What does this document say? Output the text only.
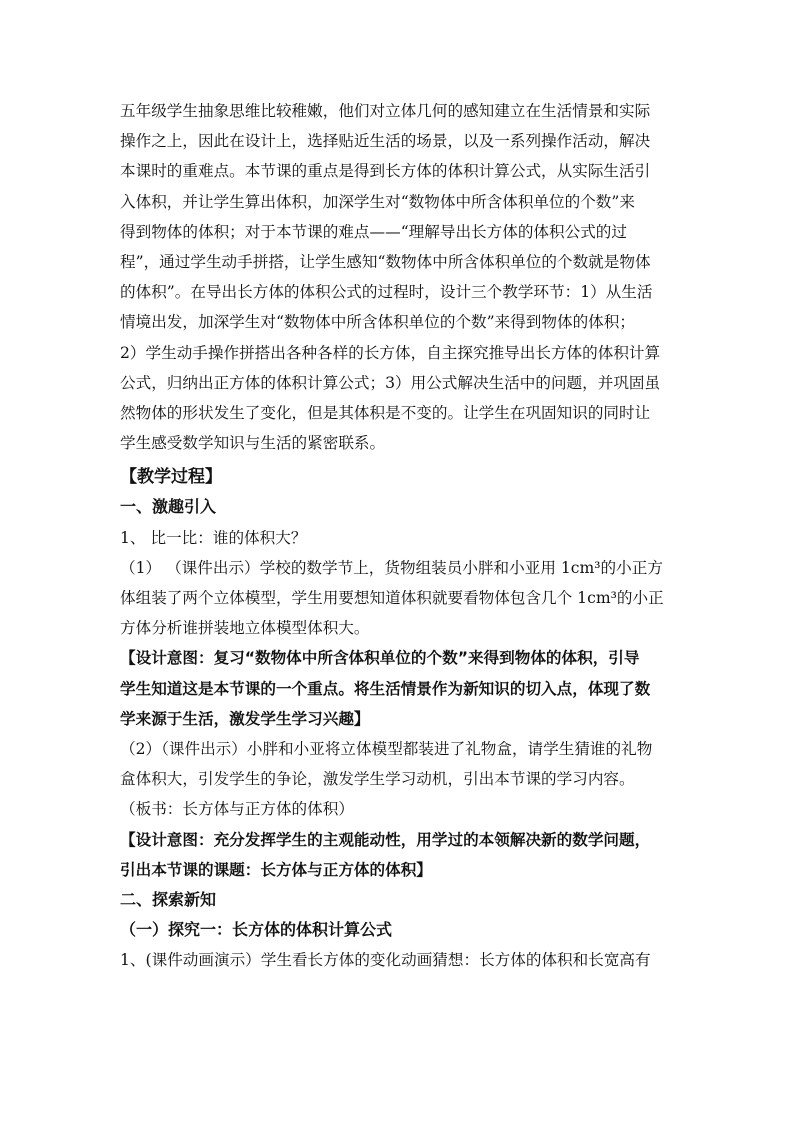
五年级学生抽象思维比较稚嫩，他们对立体几何的感知建立在生活情景和实际
操作之上，因此在设计上，选择贴近生活的场景，以及一系列操作活动，解决
本课时的重难点。本节课的重点是得到长方体的体积计算公式，从实际生活引
入体积，并让学生算出体积，加深学生对“数物体中所含体积单位的个数”来
得到物体的体积；对于本节课的难点——“理解导出长方体的体积公式的过
程”，通过学生动手拼搭，让学生感知“数物体中所含体积单位的个数就是物体
的体积”。在导出长方体的体积公式的过程时，设计三个教学环节：1）从生活
情境出发，加深学生对“数物体中所含体积单位的个数”来得到物体的体积；
2）学生动手操作拼搭出各种各样的长方体，自主探究推导出长方体的体积计算
公式，归纳出正方体的体积计算公式；3）用公式解决生活中的问题，并巩固虽
然物体的形状发生了变化，但是其体积是不变的。让学生在巩固知识的同时让
学生感受数学知识与生活的紧密联系。
【教学过程】
一、激趣引入
1、 比一比：谁的体积大？
（1） （课件出示）学校的数学节上，货物组装员小胖和小亚用 1cm³的小正方
体组装了两个立体模型，学生用要想知道体积就要看物体包含几个 1cm³的小正
方体分析谁拼装地立体模型体积大。
【设计意图：复习“数物体中所含体积单位的个数”来得到物体的体积，引导
学生知道这是本节课的一个重点。将生活情景作为新知识的切入点，体现了数
学来源于生活，激发学生学习兴趣】
（2）（课件出示）小胖和小亚将立体模型都装进了礼物盒，请学生猜谁的礼物
盒体积大，引发学生的争论，激发学生学习动机，引出本节课的学习内容。
（板书：长方体与正方体的体积）
【设计意图：充分发挥学生的主观能动性，用学过的本领解决新的数学问题，
引出本节课的课题：长方体与正方体的体积】
二、探索新知
（一）探究一：长方体的体积计算公式
1、(课件动画演示）学生看长方体的变化动画猜想：长方体的体积和长宽高有
